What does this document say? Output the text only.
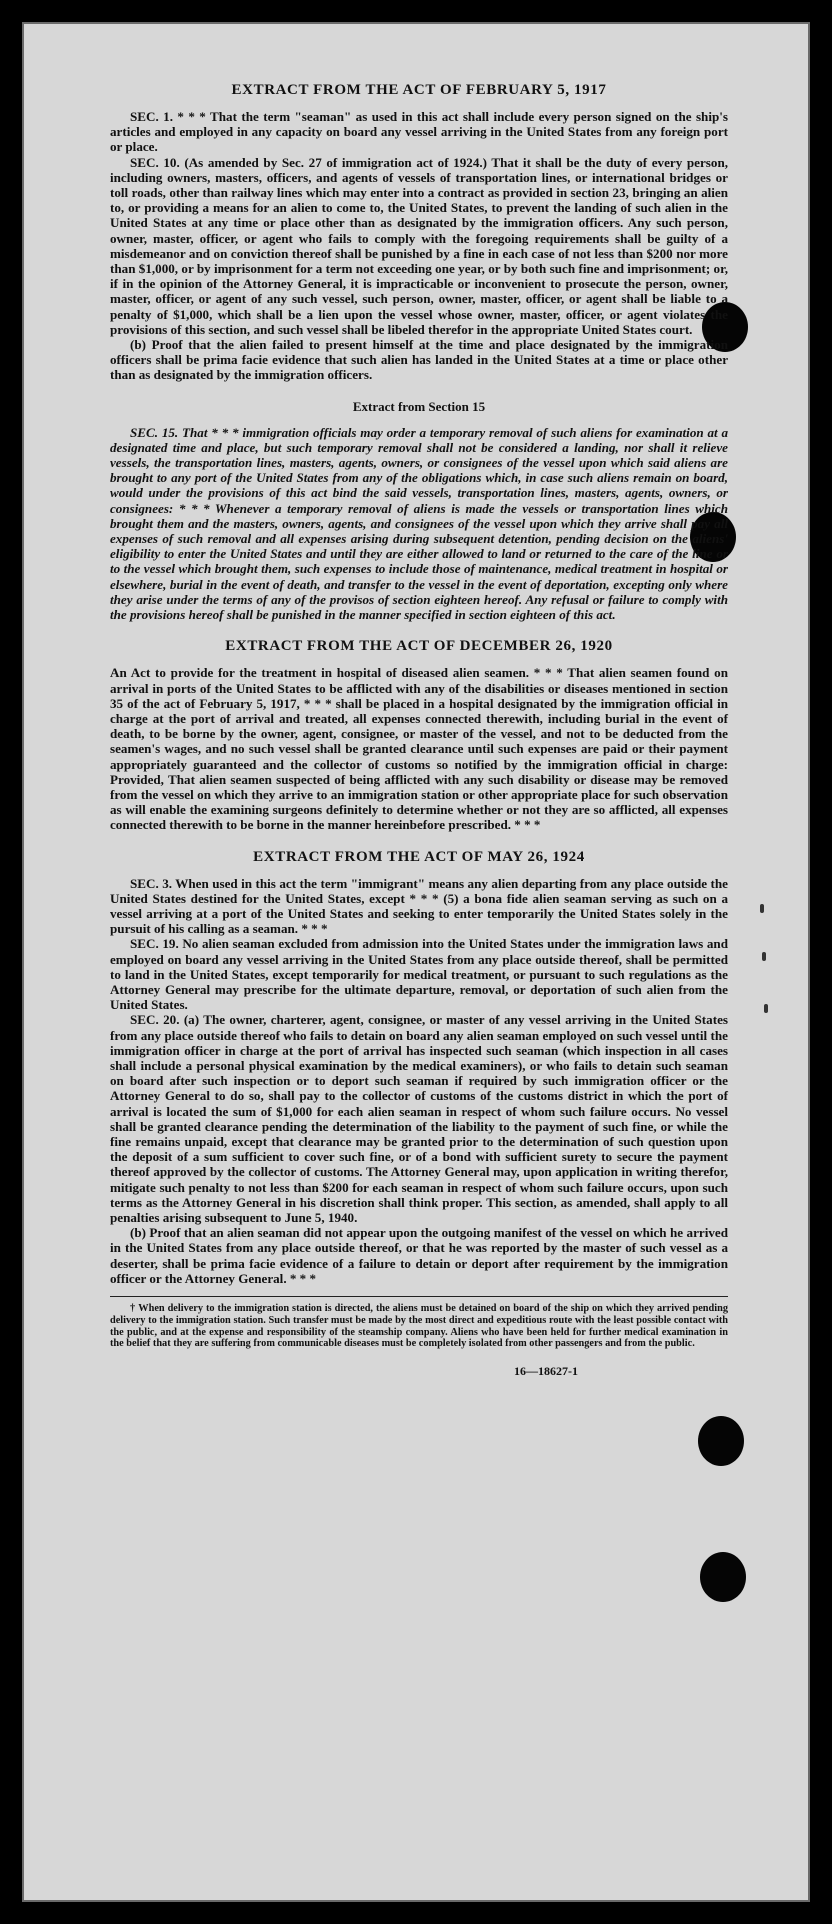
EXTRACT FROM THE ACT OF FEBRUARY 5, 1917

SEC. 1. * * * That the term "seaman" as used in this act shall include every person signed on the ship's articles and employed in any capacity on board any vessel arriving in the United States from any foreign port or place.

SEC. 10. (As amended by Sec. 27 of immigration act of 1924.) That it shall be the duty of every person, including owners, masters, officers, and agents of vessels of transportation lines, or international bridges or toll roads, other than railway lines which may enter into a contract as provided in section 23, bringing an alien to, or providing a means for an alien to come to, the United States, to prevent the landing of such alien in the United States at any time or place other than as designated by the immigration officers. Any such person, owner, master, officer, or agent who fails to comply with the foregoing requirements shall be guilty of a misdemeanor and on conviction thereof shall be punished by a fine in each case of not less than $200 nor more than $1,000, or by imprisonment for a term not exceeding one year, or by both such fine and imprisonment; or, if in the opinion of the Attorney General, it is impracticable or inconvenient to prosecute the person, owner, master, officer, or agent of any such vessel, such person, owner, master, officer, or agent shall be liable to a penalty of $1,000, which shall be a lien upon the vessel whose owner, master, officer, or agent violates the provisions of this section, and such vessel shall be libeled therefor in the appropriate United States court.

(b) Proof that the alien failed to present himself at the time and place designated by the immigration officers shall be prima facie evidence that such alien has landed in the United States at a time or place other than as designated by the immigration officers.

Extract from Section 15

SEC. 15. That * * * immigration officials may order a temporary removal of such aliens for examination at a designated time and place, but such temporary removal shall not be considered a landing, nor shall it relieve vessels, the transportation lines, masters, agents, owners, or consignees of the vessel upon which said aliens are brought to any port of the United States from any of the obligations which, in case such aliens remain on board, would under the provisions of this act bind the said vessels, transportation lines, masters, agents, owners, or consignees: * * * Whenever a temporary removal of aliens is made the vessels or transportation lines which brought them and the masters, owners, agents, and consignees of the vessel upon which they arrive shall pay all expenses of such removal and all expenses arising during subsequent detention, pending decision on the aliens' eligibility to enter the United States and until they are either allowed to land or returned to the care of the line or to the vessel which brought them, such expenses to include those of maintenance, medical treatment in hospital or elsewhere, burial in the event of death, and transfer to the vessel in the event of deportation, excepting only where they arise under the terms of any of the provisos of section eighteen hereof. Any refusal or failure to comply with the provisions hereof shall be punished in the manner specified in section eighteen of this act.

EXTRACT FROM THE ACT OF DECEMBER 26, 1920

An Act to provide for the treatment in hospital of diseased alien seamen. * * * That alien seamen found on arrival in ports of the United States to be afflicted with any of the disabilities or diseases mentioned in section 35 of the act of February 5, 1917, * * * shall be placed in a hospital designated by the immigration official in charge at the port of arrival and treated, all expenses connected therewith, including burial in the event of death, to be borne by the owner, agent, consignee, or master of the vessel, and not to be deducted from the seamen's wages, and no such vessel shall be granted clearance until such expenses are paid or their payment appropriately guaranteed and the collector of customs so notified by the immigration official in charge: Provided, That alien seamen suspected of being afflicted with any such disability or disease may be removed from the vessel on which they arrive to an immigration station or other appropriate place for such observation as will enable the examining surgeons definitely to determine whether or not they are so afflicted, all expenses connected therewith to be borne in the manner hereinbefore prescribed. * * *

EXTRACT FROM THE ACT OF MAY 26, 1924

SEC. 3. When used in this act the term "immigrant" means any alien departing from any place outside the United States destined for the United States, except * * * (5) a bona fide alien seaman serving as such on a vessel arriving at a port of the United States and seeking to enter temporarily the United States solely in the pursuit of his calling as a seaman. * * *

SEC. 19. No alien seaman excluded from admission into the United States under the immigration laws and employed on board any vessel arriving in the United States from any place outside thereof, shall be permitted to land in the United States, except temporarily for medical treatment, or pursuant to such regulations as the Attorney General may prescribe for the ultimate departure, removal, or deportation of such alien from the United States.

SEC. 20. (a) The owner, charterer, agent, consignee, or master of any vessel arriving in the United States from any place outside thereof who fails to detain on board any alien seaman employed on such vessel until the immigration officer in charge at the port of arrival has inspected such seaman (which inspection in all cases shall include a personal physical examination by the medical examiners), or who fails to detain such seaman on board after such inspection or to deport such seaman if required by such immigration officer or the Attorney General to do so, shall pay to the collector of customs of the customs district in which the port of arrival is located the sum of $1,000 for each alien seaman in respect of whom such failure occurs. No vessel shall be granted clearance pending the determination of the liability to the payment of such fine, or while the fine remains unpaid, except that clearance may be granted prior to the determination of such question upon the deposit of a sum sufficient to cover such fine, or of a bond with sufficient surety to secure the payment thereof approved by the collector of customs. The Attorney General may, upon application in writing therefor, mitigate such penalty to not less than $200 for each seaman in respect of whom such failure occurs, upon such terms as the Attorney General in his discretion shall think proper. This section, as amended, shall apply to all penalties arising subsequent to June 5, 1940.

(b) Proof that an alien seaman did not appear upon the outgoing manifest of the vessel on which he arrived in the United States from any place outside thereof, or that he was reported by the master of such vessel as a deserter, shall be prima facie evidence of a failure to detain or deport after requirement by the immigration officer or the Attorney General. * * *

† When delivery to the immigration station is directed, the aliens must be detained on board of the ship on which they arrived pending delivery to the immigration station. Such transfer must be made by the most direct and expeditious route with the least possible contact with the public, and at the expense and responsibility of the steamship company. Aliens who have been held for further medical examination in the belief that they are suffering from communicable diseases must be completely isolated from other passengers and from the public.

16—18627-1
